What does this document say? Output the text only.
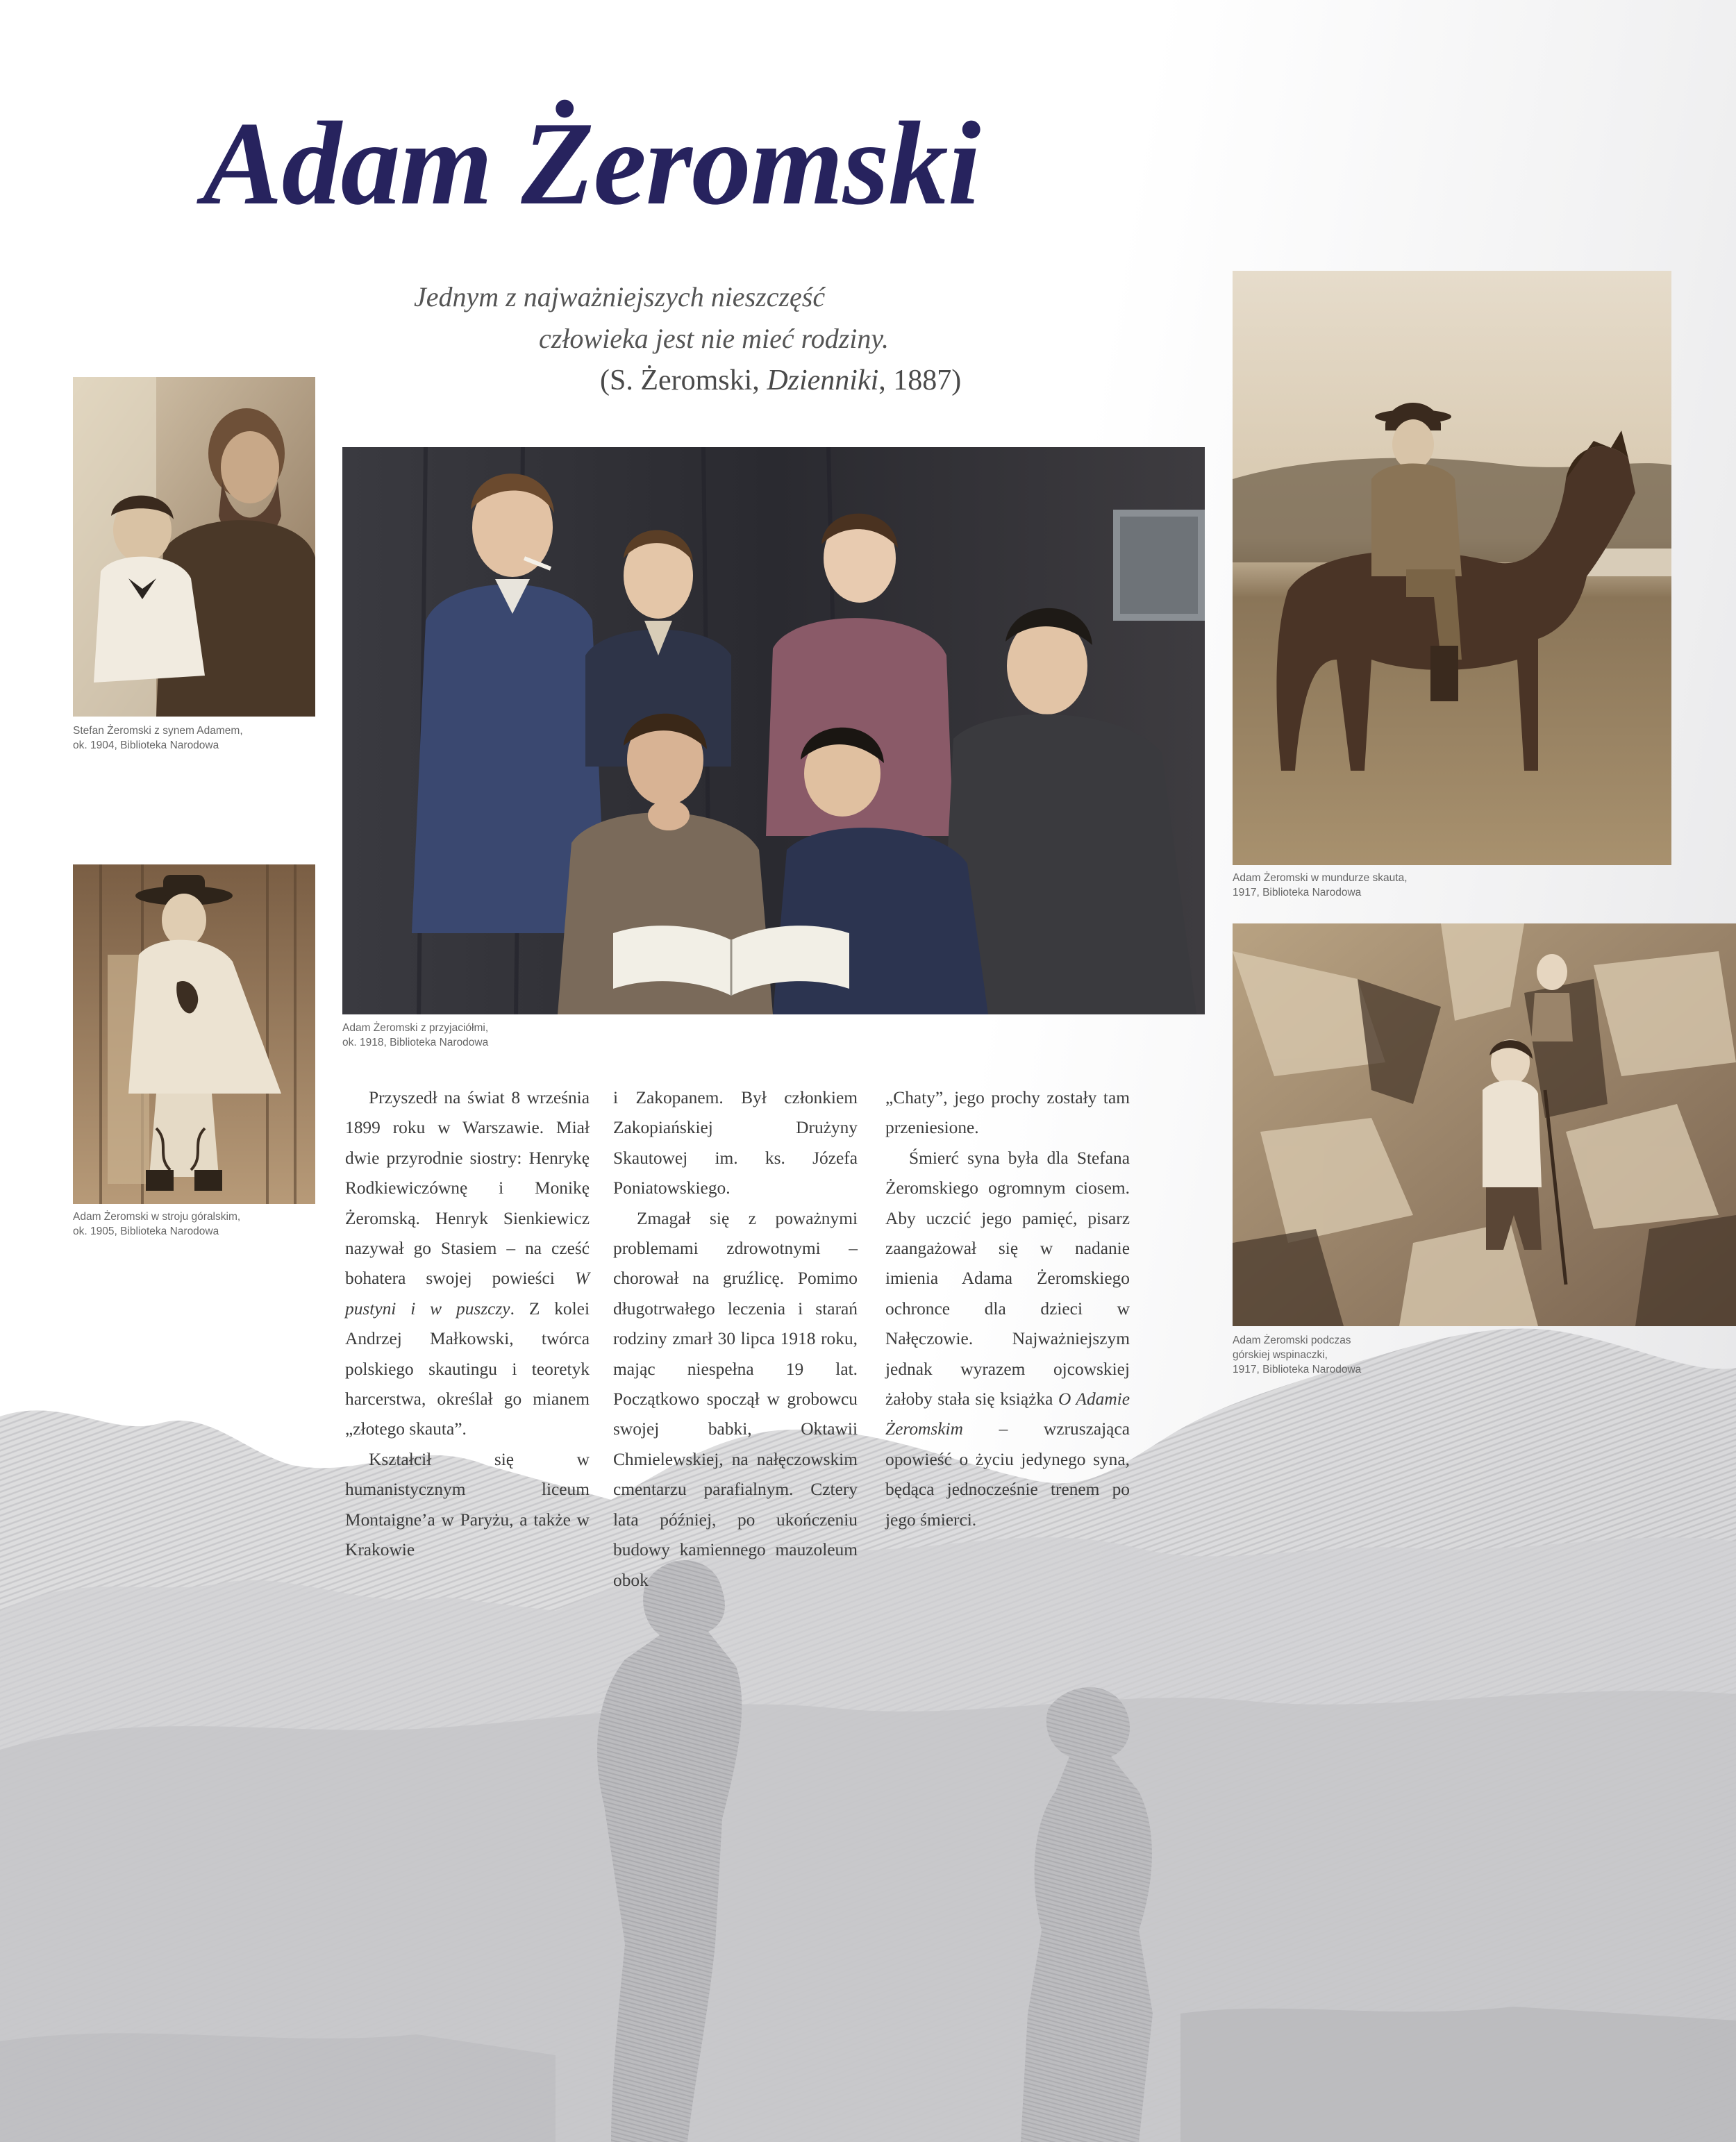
Adam Żeromski
Jednym z najważniejszych nieszczęść
człowieka jest nie mieć rodziny.
(S. Żeromski, Dzienniki, 1887)
Stefan Żeromski z synem Adamem,
ok. 1904, Biblioteka Narodowa
Adam Żeromski w stroju góralskim,
ok. 1905, Biblioteka Narodowa
Adam Żeromski z przyjaciółmi,
ok. 1918, Biblioteka Narodowa
Adam Żeromski w mundurze skauta,
1917, Biblioteka Narodowa
Adam Żeromski podczas
górskiej wspinaczki,
1917, Biblioteka Narodowa

Przyszedł na świat 8 września 1899 roku w Warszawie. Miał dwie przyrodnie siostry: Henrykę Rodkiewiczównę i Monikę Żeromską. Henryk Sienkiewicz nazywał go Stasiem – na cześć bohatera swojej powieści W pustyni i w puszczy. Z kolei Andrzej Małkowski, twórca polskiego skautingu i teoretyk harcerstwa, określał go mianem „złotego skauta”.

Kształcił się w humanistycznym liceum Montaigne’a w Paryżu, a także w Krakowie

i Zakopanem. Był członkiem Zakopiańskiej Drużyny Skautowej im. ks. Józefa Poniatowskiego.

Zmagał się z poważnymi problemami zdrowotnymi – chorował na gruźlicę. Pomimo długotrwałego leczenia i starań rodziny zmarł 30 lipca 1918 roku, mając niespełna 19 lat. Początkowo spoczął w grobowcu swojej babki, Oktawii Chmielewskiej, na nałęczowskim cmentarzu parafialnym. Cztery lata później, po ukończeniu budowy kamiennego mauzoleum obok

„Chaty”, jego prochy zostały tam przeniesione.

Śmierć syna była dla Stefana Żeromskiego ogromnym ciosem. Aby uczcić jego pamięć, pisarz zaangażował się w nadanie imienia Adama Żeromskiego ochronce dla dzieci w Nałęczowie. Najważniejszym jednak wyrazem ojcowskiej żałoby stała się książka O Adamie Żeromskim – wzruszająca opowieść o życiu jedynego syna, będąca jednocześnie trenem po jego śmierci.
